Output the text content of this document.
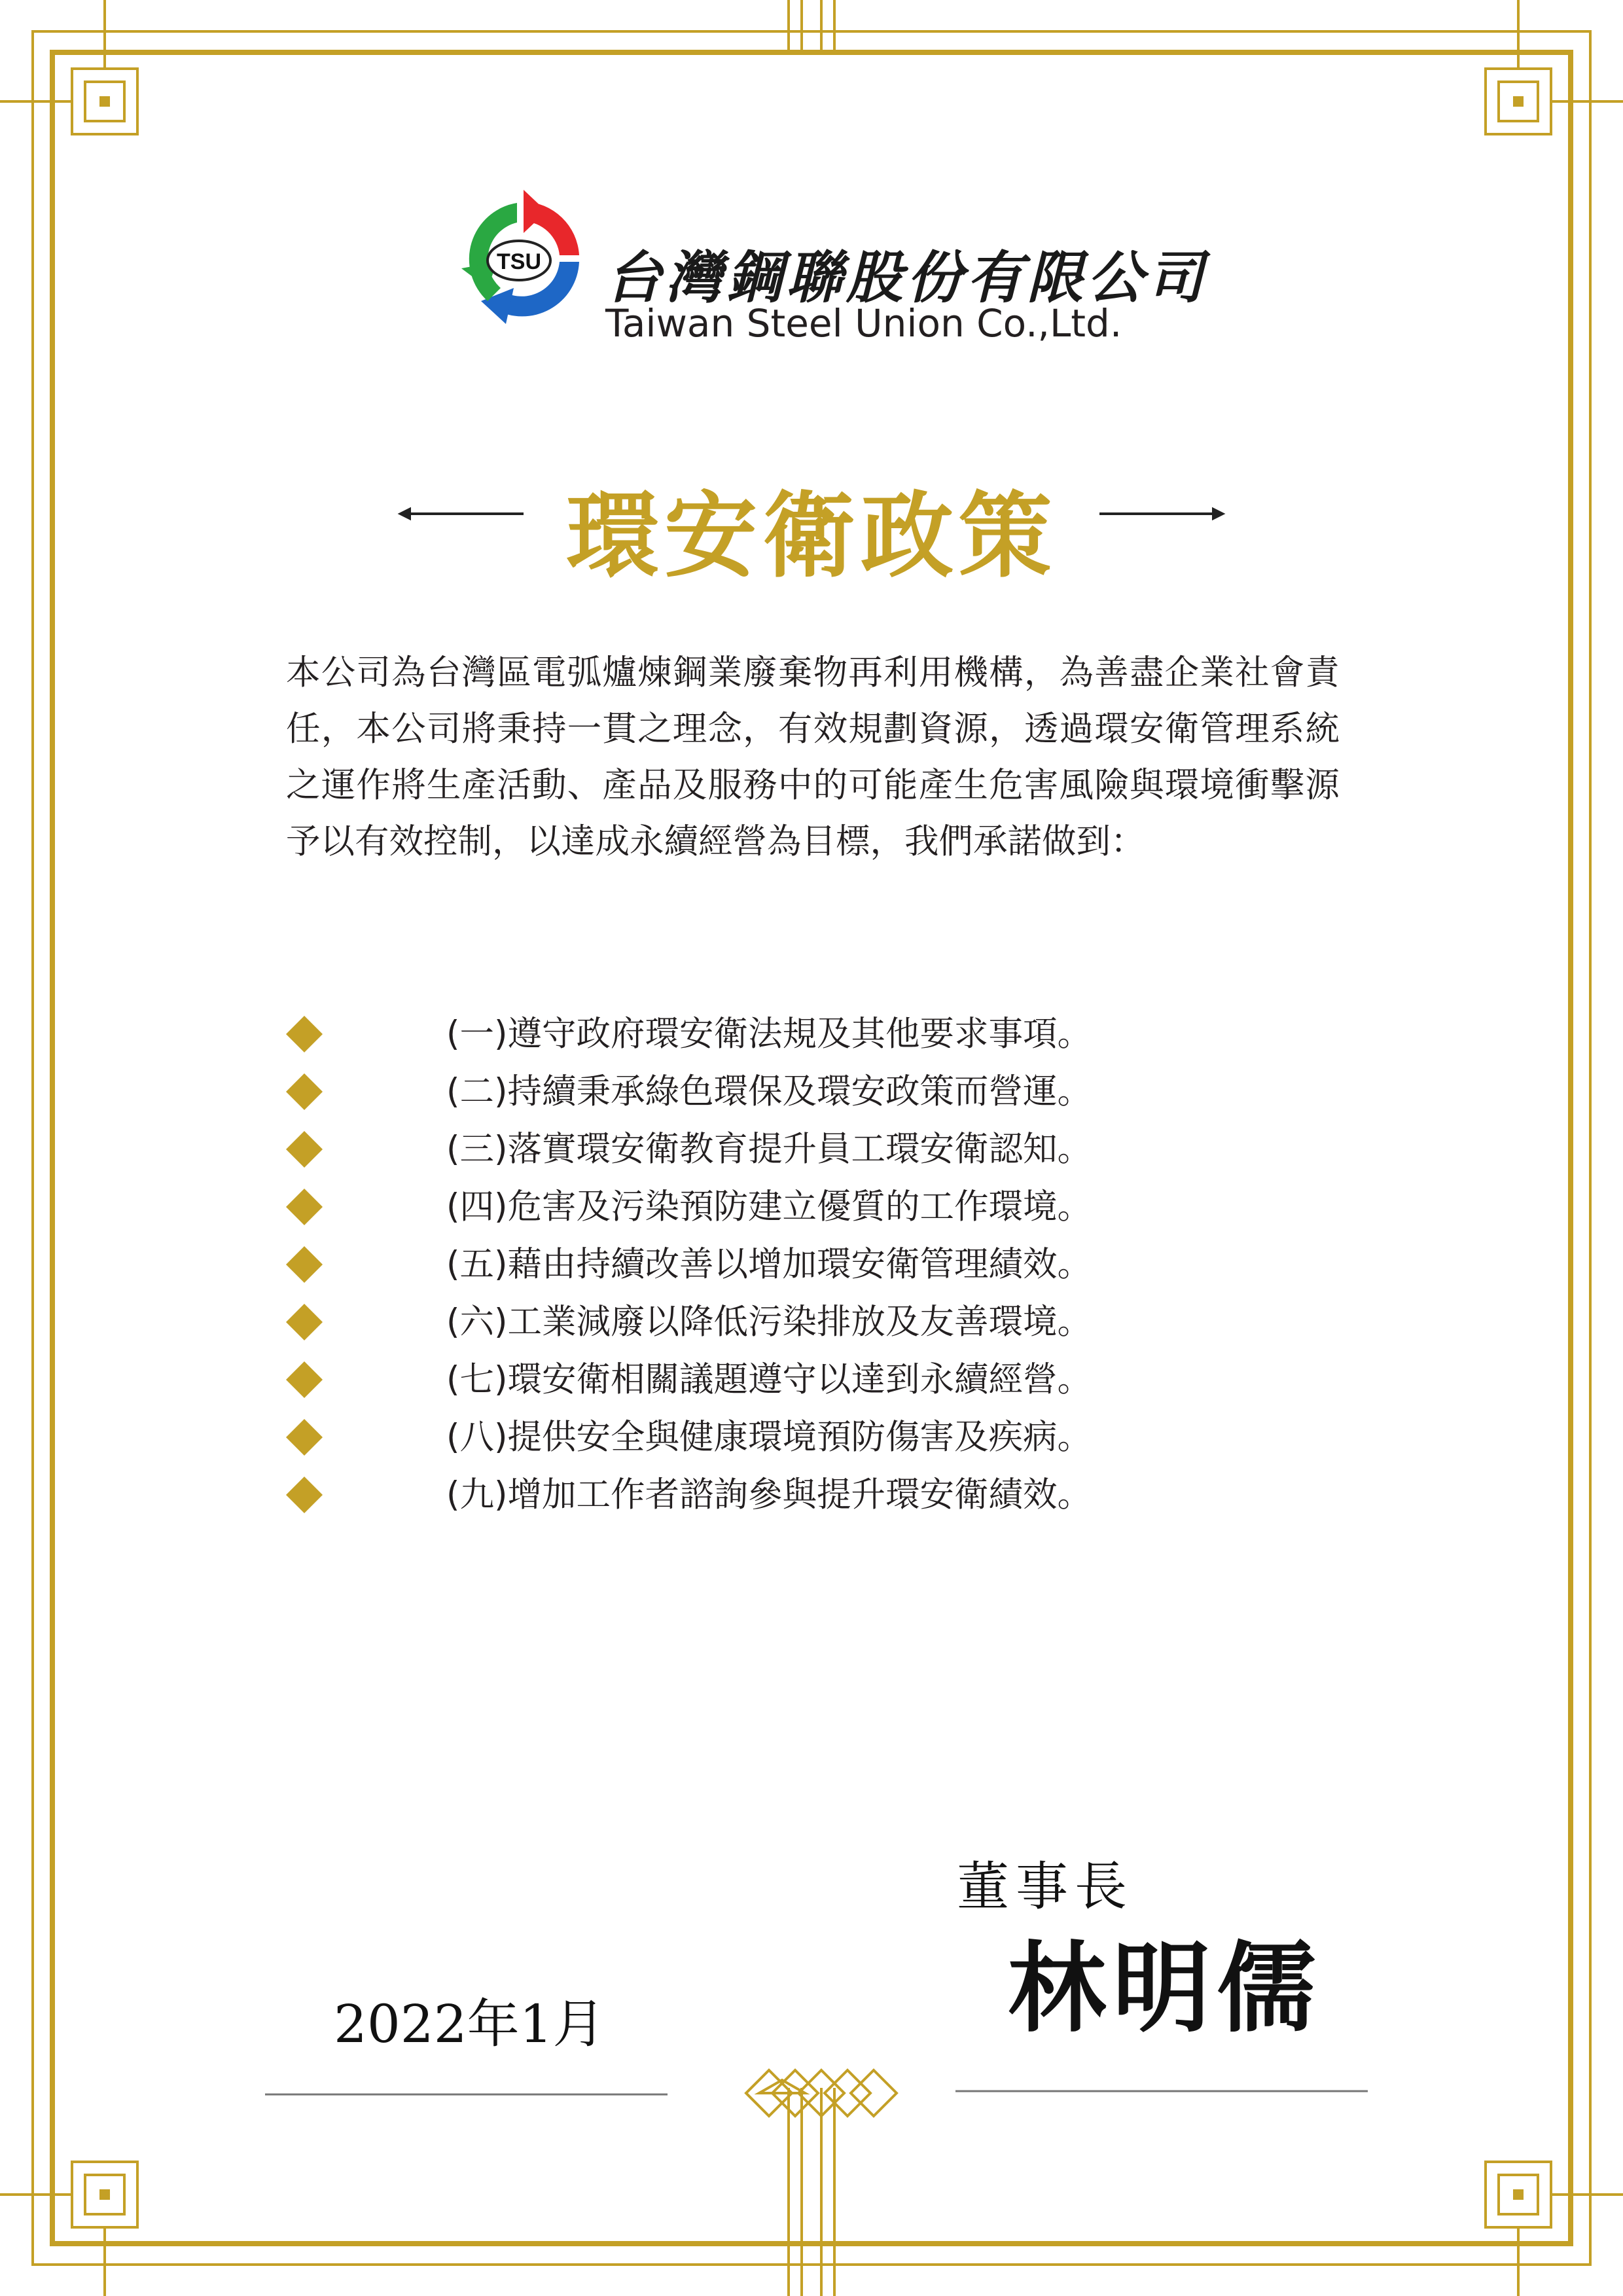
TSU 台灣鋼聯股份有限公司
Taiwan Steel Union Co.,Ltd.
環安衛政策
本公司為台灣區電弧爐煉鋼業廢棄物再利用機構，為善盡企業社會責任，本公司將秉持一貫之理念，有效規劃資源，透過環安衛管理系統之運作將生產活動、產品及服務中的可能產生危害風險與環境衝擊源予以有效控制，以達成永續經營為目標，我們承諾做到：
(一)遵守政府環安衛法規及其他要求事項。
(二)持續秉承綠色環保及環安政策而營運。
(三)落實環安衛教育提升員工環安衛認知。
(四)危害及污染預防建立優質的工作環境。
(五)藉由持續改善以增加環安衛管理績效。
(六)工業減廢以降低污染排放及友善環境。
(七)環安衛相關議題遵守以達到永續經營。
(八)提供安全與健康環境預防傷害及疾病。
(九)增加工作者諮詢參與提升環安衛績效。
董事長
林明儒
2022年1月
